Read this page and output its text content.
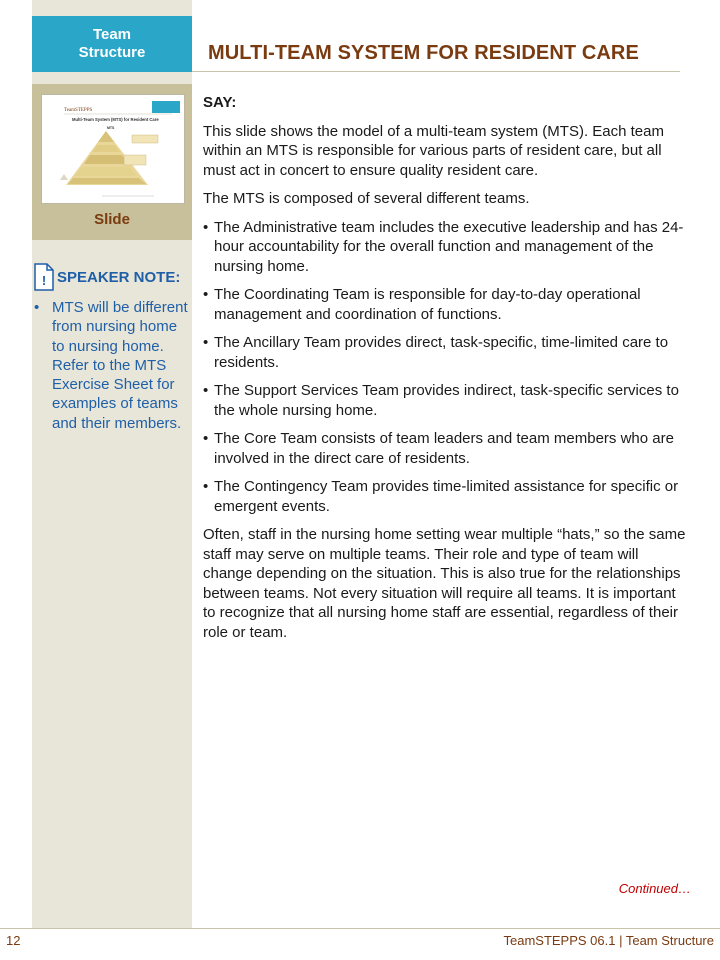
Team Structure	MULTI-TEAM SYSTEM FOR RESIDENT CARE
TeamSTEPPS
Multi-Team System (MTS) for Resident Care
MTS
Slide
! SPEAKER NOTE:
• MTS will be different from nursing home to nursing home. Refer to the MTS Exercise Sheet for examples of teams and their members.

SAY:

This slide shows the model of a multi-team system (MTS). Each team within an MTS is responsible for various parts of resident care, but all must act in concert to ensure quality resident care.

The MTS is composed of several different teams.

• The Administrative team includes the executive leadership and has 24-hour accountability for the overall function and management of the nursing home.
• The Coordinating Team is responsible for day-to-day operational management and coordination of functions.
• The Ancillary Team provides direct, task-specific, time-limited care to residents.
• The Support Services Team provides indirect, task-specific services to the whole nursing home.
• The Core Team consists of team leaders and team members who are involved in the direct care of residents.
• The Contingency Team provides time-limited assistance for specific or emergent events.

Often, staff in the nursing home setting wear multiple “hats,” so the same staff may serve on multiple teams. Their role and type of team will change depending on the situation. This is also true for the relationships between teams. Not every situation will require all teams. It is important to recognize that all nursing home staff are essential, regardless of their role or team.

Continued…
12	TeamSTEPPS 06.1 | Team Structure
